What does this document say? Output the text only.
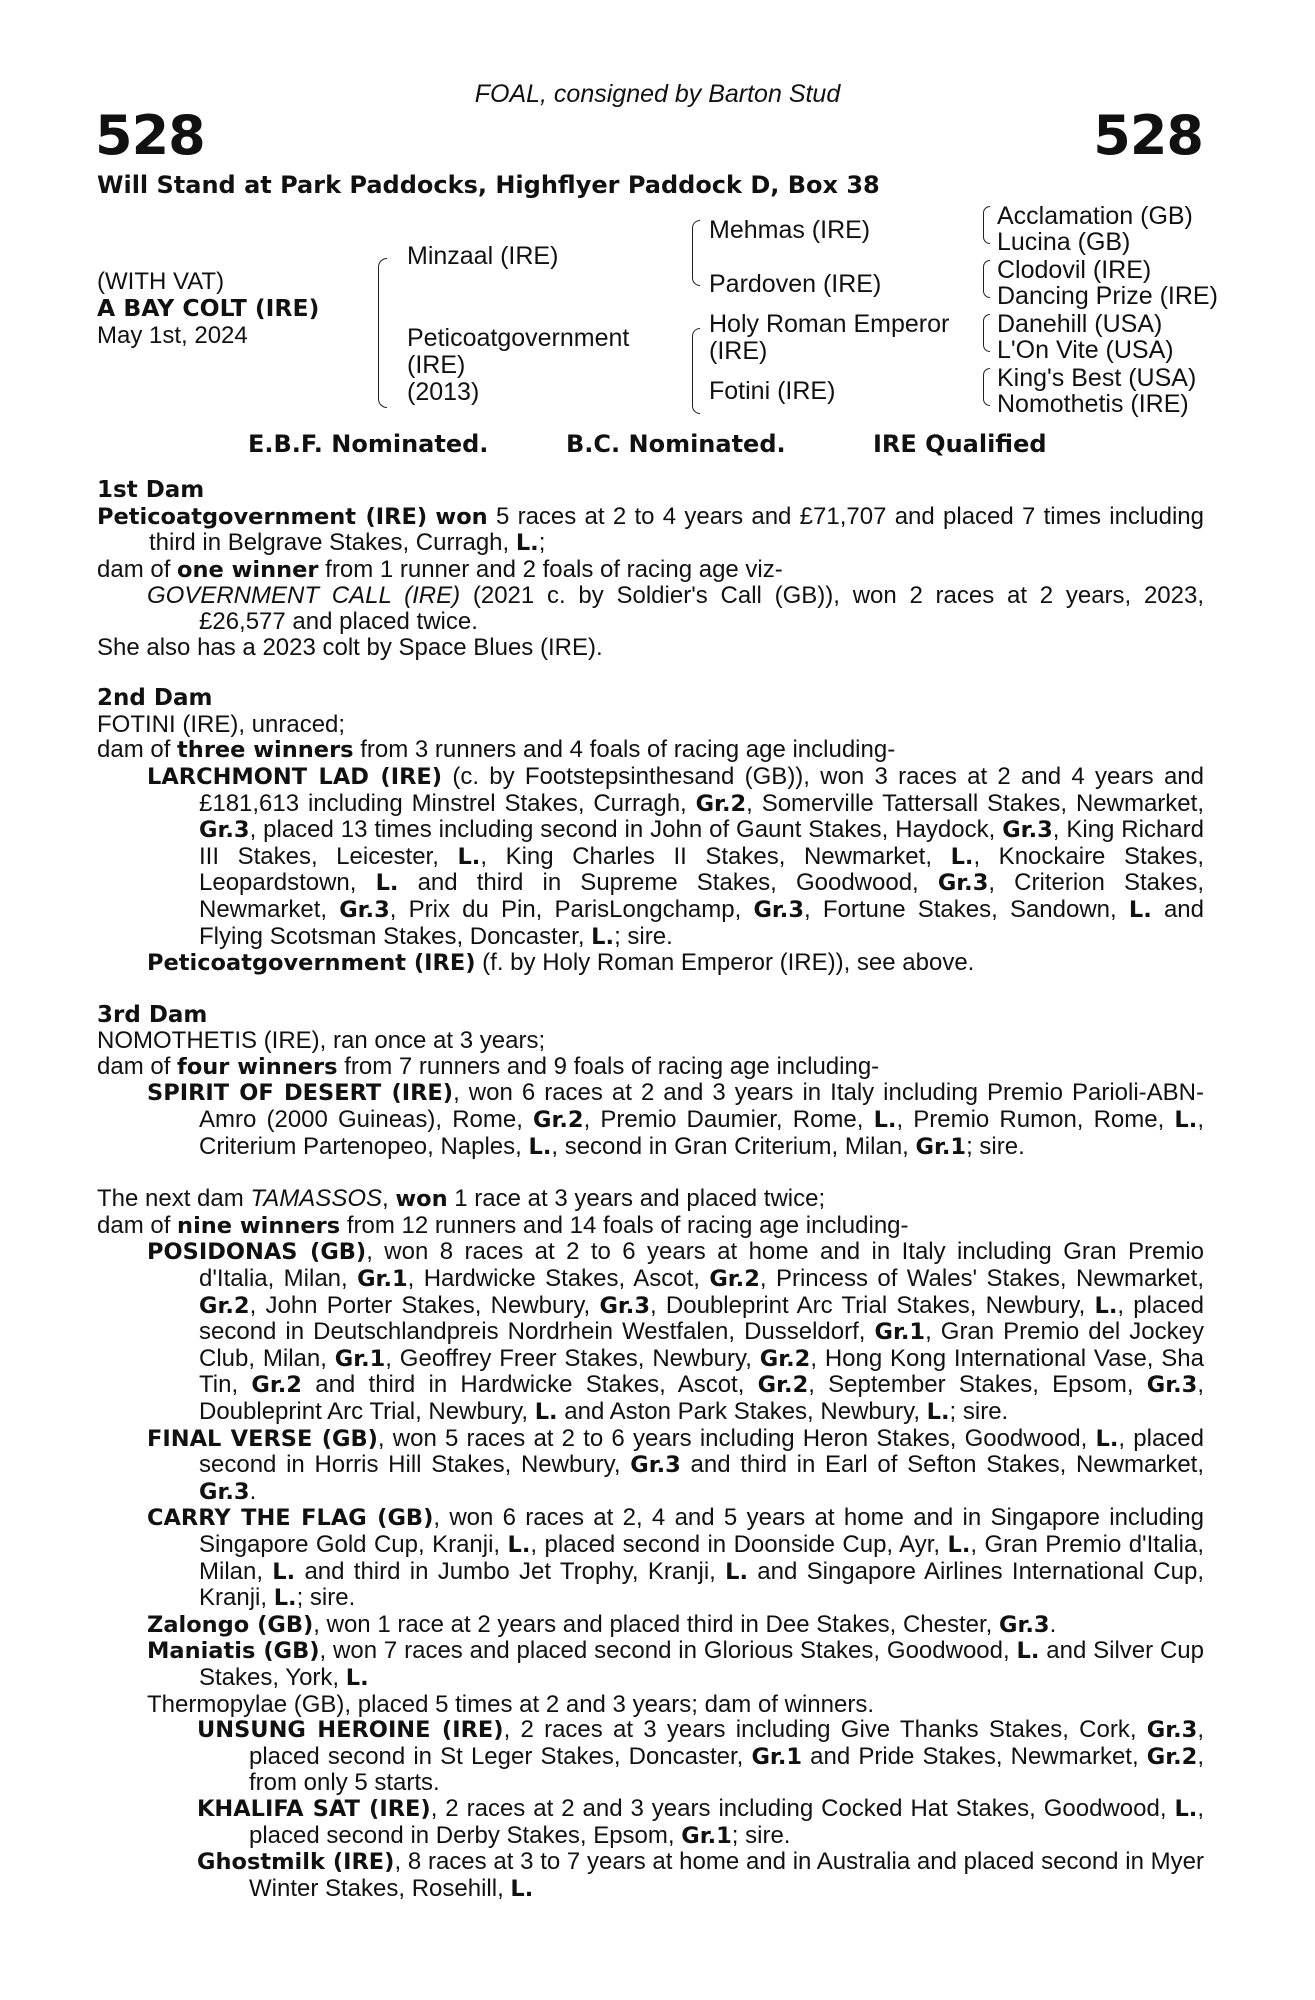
FOAL, consigned by Barton Stud
528	528
Will Stand at Park Paddocks, Highflyer Paddock D, Box 38
(WITH VAT)
A BAY COLT (IRE)
May 1st, 2024
Minzaal (IRE)
Peticoatgovernment
(IRE)
(2013)
Mehmas (IRE)
Pardoven (IRE)
Holy Roman Emperor
(IRE)
Fotini (IRE)
Acclamation (GB)
Lucina (GB)
Clodovil (IRE)
Dancing Prize (IRE)
Danehill (USA)
L'On Vite (USA)
King's Best (USA)
Nomothetis (IRE)
E.B.F. Nominated.	B.C. Nominated.	IRE Qualified

1st Dam

Peticoatgovernment (IRE) won 5 races at 2 to 4 years and £71,707 and placed 7 times including third in Belgrave Stakes, Curragh, L.;

dam of one winner from 1 runner and 2 foals of racing age viz-

GOVERNMENT CALL (IRE) (2021 c. by Soldier's Call (GB)), won 2 races at 2 years, 2023, £26,577 and placed twice.

She also has a 2023 colt by Space Blues (IRE).

2nd Dam

FOTINI (IRE), unraced;

dam of three winners from 3 runners and 4 foals of racing age including-

LARCHMONT LAD (IRE) (c. by Footstepsinthesand (GB)), won 3 races at 2 and 4 years and £181,613 including Minstrel Stakes, Curragh, Gr.2, Somerville Tattersall Stakes, Newmarket, Gr.3, placed 13 times including second in John of Gaunt Stakes, Haydock, Gr.3, King Richard III Stakes, Leicester, L., King Charles II Stakes, Newmarket, L., Knockaire Stakes, Leopardstown, L. and third in Supreme Stakes, Goodwood, Gr.3, Criterion Stakes, Newmarket, Gr.3, Prix du Pin, ParisLongchamp, Gr.3, Fortune Stakes, Sandown, L. and Flying Scotsman Stakes, Doncaster, L.; sire.

Peticoatgovernment (IRE) (f. by Holy Roman Emperor (IRE)), see above.

3rd Dam

NOMOTHETIS (IRE), ran once at 3 years;

dam of four winners from 7 runners and 9 foals of racing age including-

SPIRIT OF DESERT (IRE), won 6 races at 2 and 3 years in Italy including Premio Parioli-ABN-Amro (2000 Guineas), Rome, Gr.2, Premio Daumier, Rome, L., Premio Rumon, Rome, L., Criterium Partenopeo, Naples, L., second in Gran Criterium, Milan, Gr.1; sire.

The next dam TAMASSOS, won 1 race at 3 years and placed twice;

dam of nine winners from 12 runners and 14 foals of racing age including-

POSIDONAS (GB), won 8 races at 2 to 6 years at home and in Italy including Gran Premio d'Italia, Milan, Gr.1, Hardwicke Stakes, Ascot, Gr.2, Princess of Wales' Stakes, Newmarket, Gr.2, John Porter Stakes, Newbury, Gr.3, Doubleprint Arc Trial Stakes, Newbury, L., placed second in Deutschlandpreis Nordrhein Westfalen, Dusseldorf, Gr.1, Gran Premio del Jockey Club, Milan, Gr.1, Geoffrey Freer Stakes, Newbury, Gr.2, Hong Kong International Vase, Sha Tin, Gr.2 and third in Hardwicke Stakes, Ascot, Gr.2, September Stakes, Epsom, Gr.3, Doubleprint Arc Trial, Newbury, L. and Aston Park Stakes, Newbury, L.; sire.

FINAL VERSE (GB), won 5 races at 2 to 6 years including Heron Stakes, Goodwood, L., placed second in Horris Hill Stakes, Newbury, Gr.3 and third in Earl of Sefton Stakes, Newmarket, Gr.3.

CARRY THE FLAG (GB), won 6 races at 2, 4 and 5 years at home and in Singapore including Singapore Gold Cup, Kranji, L., placed second in Doonside Cup, Ayr, L., Gran Premio d'Italia, Milan, L. and third in Jumbo Jet Trophy, Kranji, L. and Singapore Airlines International Cup, Kranji, L.; sire.

Zalongo (GB), won 1 race at 2 years and placed third in Dee Stakes, Chester, Gr.3.

Maniatis (GB), won 7 races and placed second in Glorious Stakes, Goodwood, L. and Silver Cup Stakes, York, L.

Thermopylae (GB), placed 5 times at 2 and 3 years; dam of winners.

UNSUNG HEROINE (IRE), 2 races at 3 years including Give Thanks Stakes, Cork, Gr.3, placed second in St Leger Stakes, Doncaster, Gr.1 and Pride Stakes, Newmarket, Gr.2, from only 5 starts.

KHALIFA SAT (IRE), 2 races at 2 and 3 years including Cocked Hat Stakes, Goodwood, L., placed second in Derby Stakes, Epsom, Gr.1; sire.

Ghostmilk (IRE), 8 races at 3 to 7 years at home and in Australia and placed second in Myer Winter Stakes, Rosehill, L.
